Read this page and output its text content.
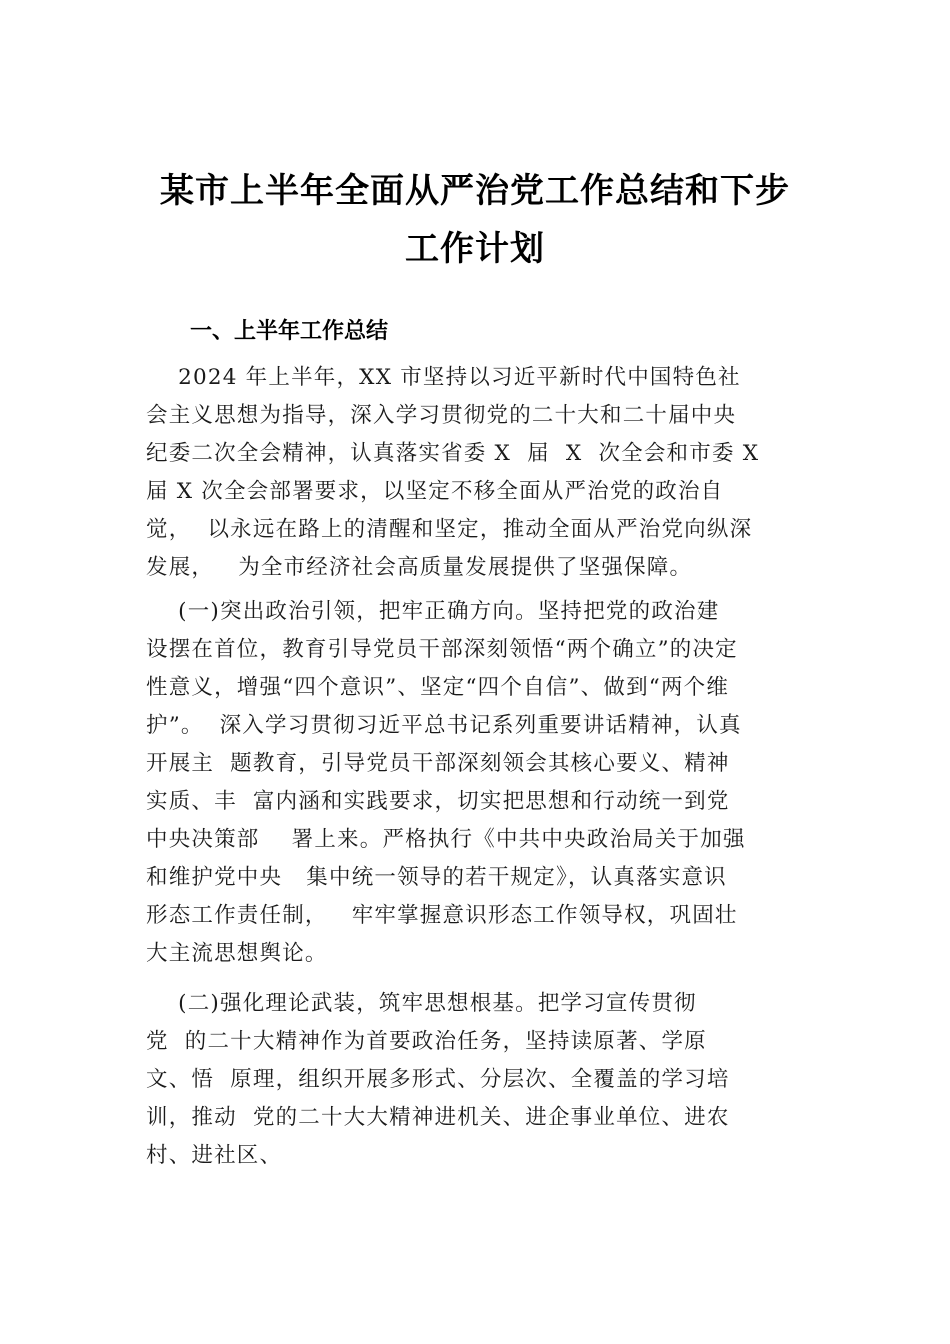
某市上半年全面从严治党工作总结和下步
工作计划
一、上半年工作总结
2024 年上半年，XX 市坚持以习近平新时代中国特色社
会主义思想为指导，深入学习贯彻党的二十大和二十届中央
纪委二次全会精神，认真落实省委 X  届  X  次全会和市委 X
届 X 次全会部署要求，以坚定不移全面从严治党的政治自
觉，  以永远在路上的清醒和坚定，推动全面从严治党向纵深
发展，   为全市经济社会高质量发展提供了坚强保障。
(一)突出政治引领，把牢正确方向。坚持把党的政治建
设摆在首位，教育引导党员干部深刻领悟“两个确立”的决定
性意义，增强“四个意识”、坚定“四个自信”、做到“两个维
护”。  深入学习贯彻习近平总书记系列重要讲话精神，认真
开展主  题教育，引导党员干部深刻领会其核心要义、精神
实质、丰  富内涵和实践要求，切实把思想和行动统一到党
中央决策部    署上来。严格执行《中共中央政治局关于加强
和维护党中央   集中统一领导的若干规定》，认真落实意识
形态工作责任制，   牢牢掌握意识形态工作领导权，巩固壮
大主流思想舆论。
(二)强化理论武装，筑牢思想根基。把学习宣传贯彻
党  的二十大精神作为首要政治任务，坚持读原著、学原
文、悟  原理，组织开展多形式、分层次、全覆盖的学习培
训，推动  党的二十大大精神进机关、进企事业单位、进农
村、进社区、
